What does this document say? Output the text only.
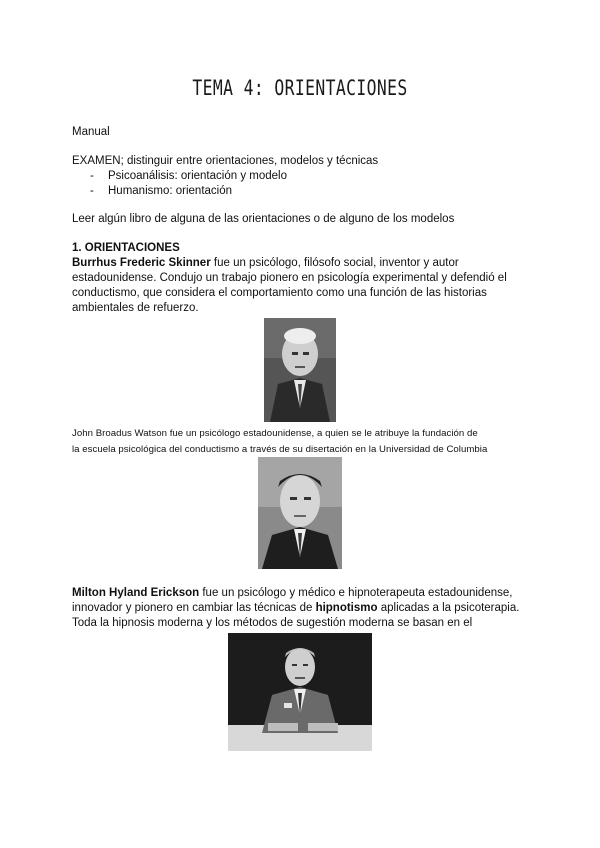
TEMA 4: ORIENTACIONES
Manual
EXAMEN; distinguir entre orientaciones, modelos y técnicas
- Psicoanálisis: orientación y modelo
- Humanismo: orientación
Leer algún libro de alguna de las orientaciones o de alguno de los modelos
1. ORIENTACIONES
Burrhus Frederic Skinner fue un psicólogo, filósofo social, inventor y autor
estadounidense. Condujo un trabajo pionero en psicología experimental y defendió el
conductismo, que considera el comportamiento como una función de las historias
ambientales de refuerzo.
John Broadus Watson fue un psicólogo estadounidense, a quien se le atribuye la fundación de
la escuela psicológica del conductismo a través de su disertación en la Universidad de Columbia
Milton Hyland Erickson fue un psicólogo y médico e hipnoterapeuta estadounidense,
innovador y pionero en cambiar las técnicas de hipnotismo aplicadas a la psicoterapia.
Toda la hipnosis moderna y los métodos de sugestión moderna se basan en el
